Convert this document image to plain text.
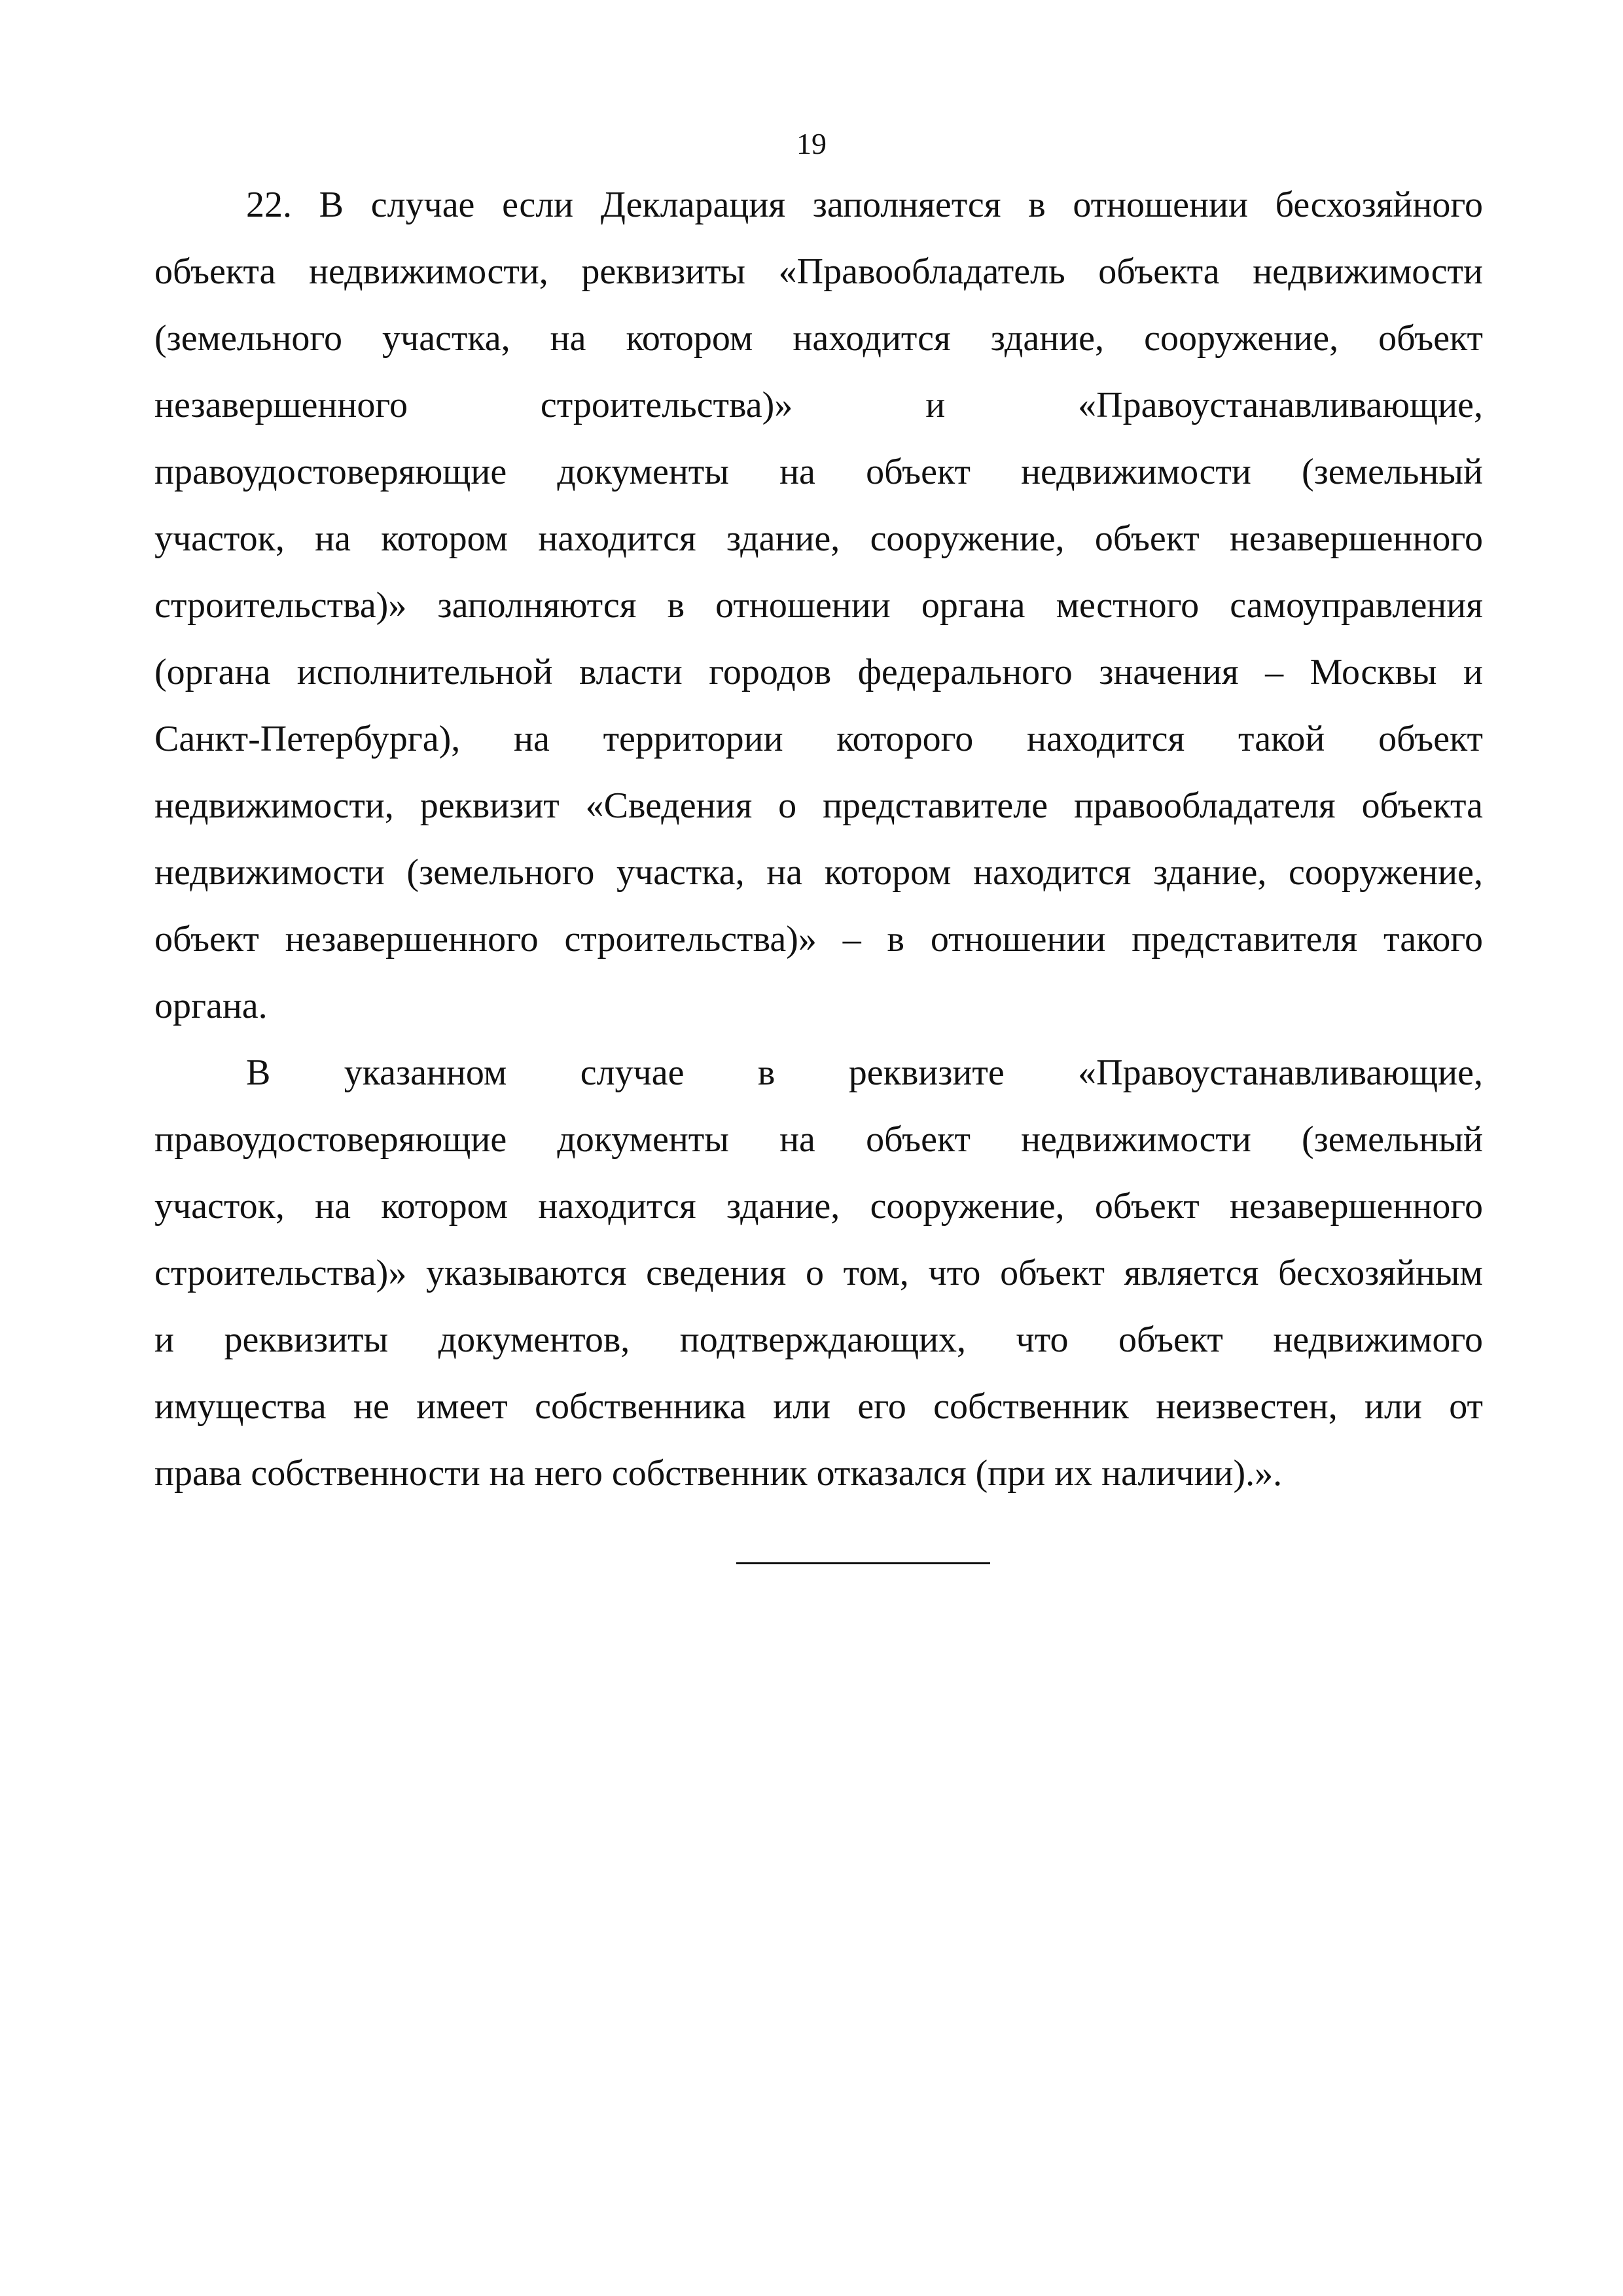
19
22. В случае если Декларация заполняется в отношении бесхозяйного
объекта недвижимости, реквизиты «Правообладатель объекта недвижимости
(земельного участка, на котором находится здание, сооружение, объект
незавершенного строительства)» и «Правоустанавливающие,
правоудостоверяющие документы на объект недвижимости (земельный
участок, на котором находится здание, сооружение, объект незавершенного
строительства)» заполняются в отношении органа местного самоуправления
(органа исполнительной власти городов федерального значения – Москвы и
Санкт-Петербурга), на территории которого находится такой объект
недвижимости, реквизит «Сведения о представителе правообладателя объекта
недвижимости (земельного участка, на котором находится здание, сооружение,
объект незавершенного строительства)» – в отношении представителя такого
органа.
В указанном случае в реквизите «Правоустанавливающие,
правоудостоверяющие документы на объект недвижимости (земельный
участок, на котором находится здание, сооружение, объект незавершенного
строительства)» указываются сведения о том, что объект является бесхозяйным
и реквизиты документов, подтверждающих, что объект недвижимого
имущества не имеет собственника или его собственник неизвестен, или от
права собственности на него собственник отказался (при их наличии).».
